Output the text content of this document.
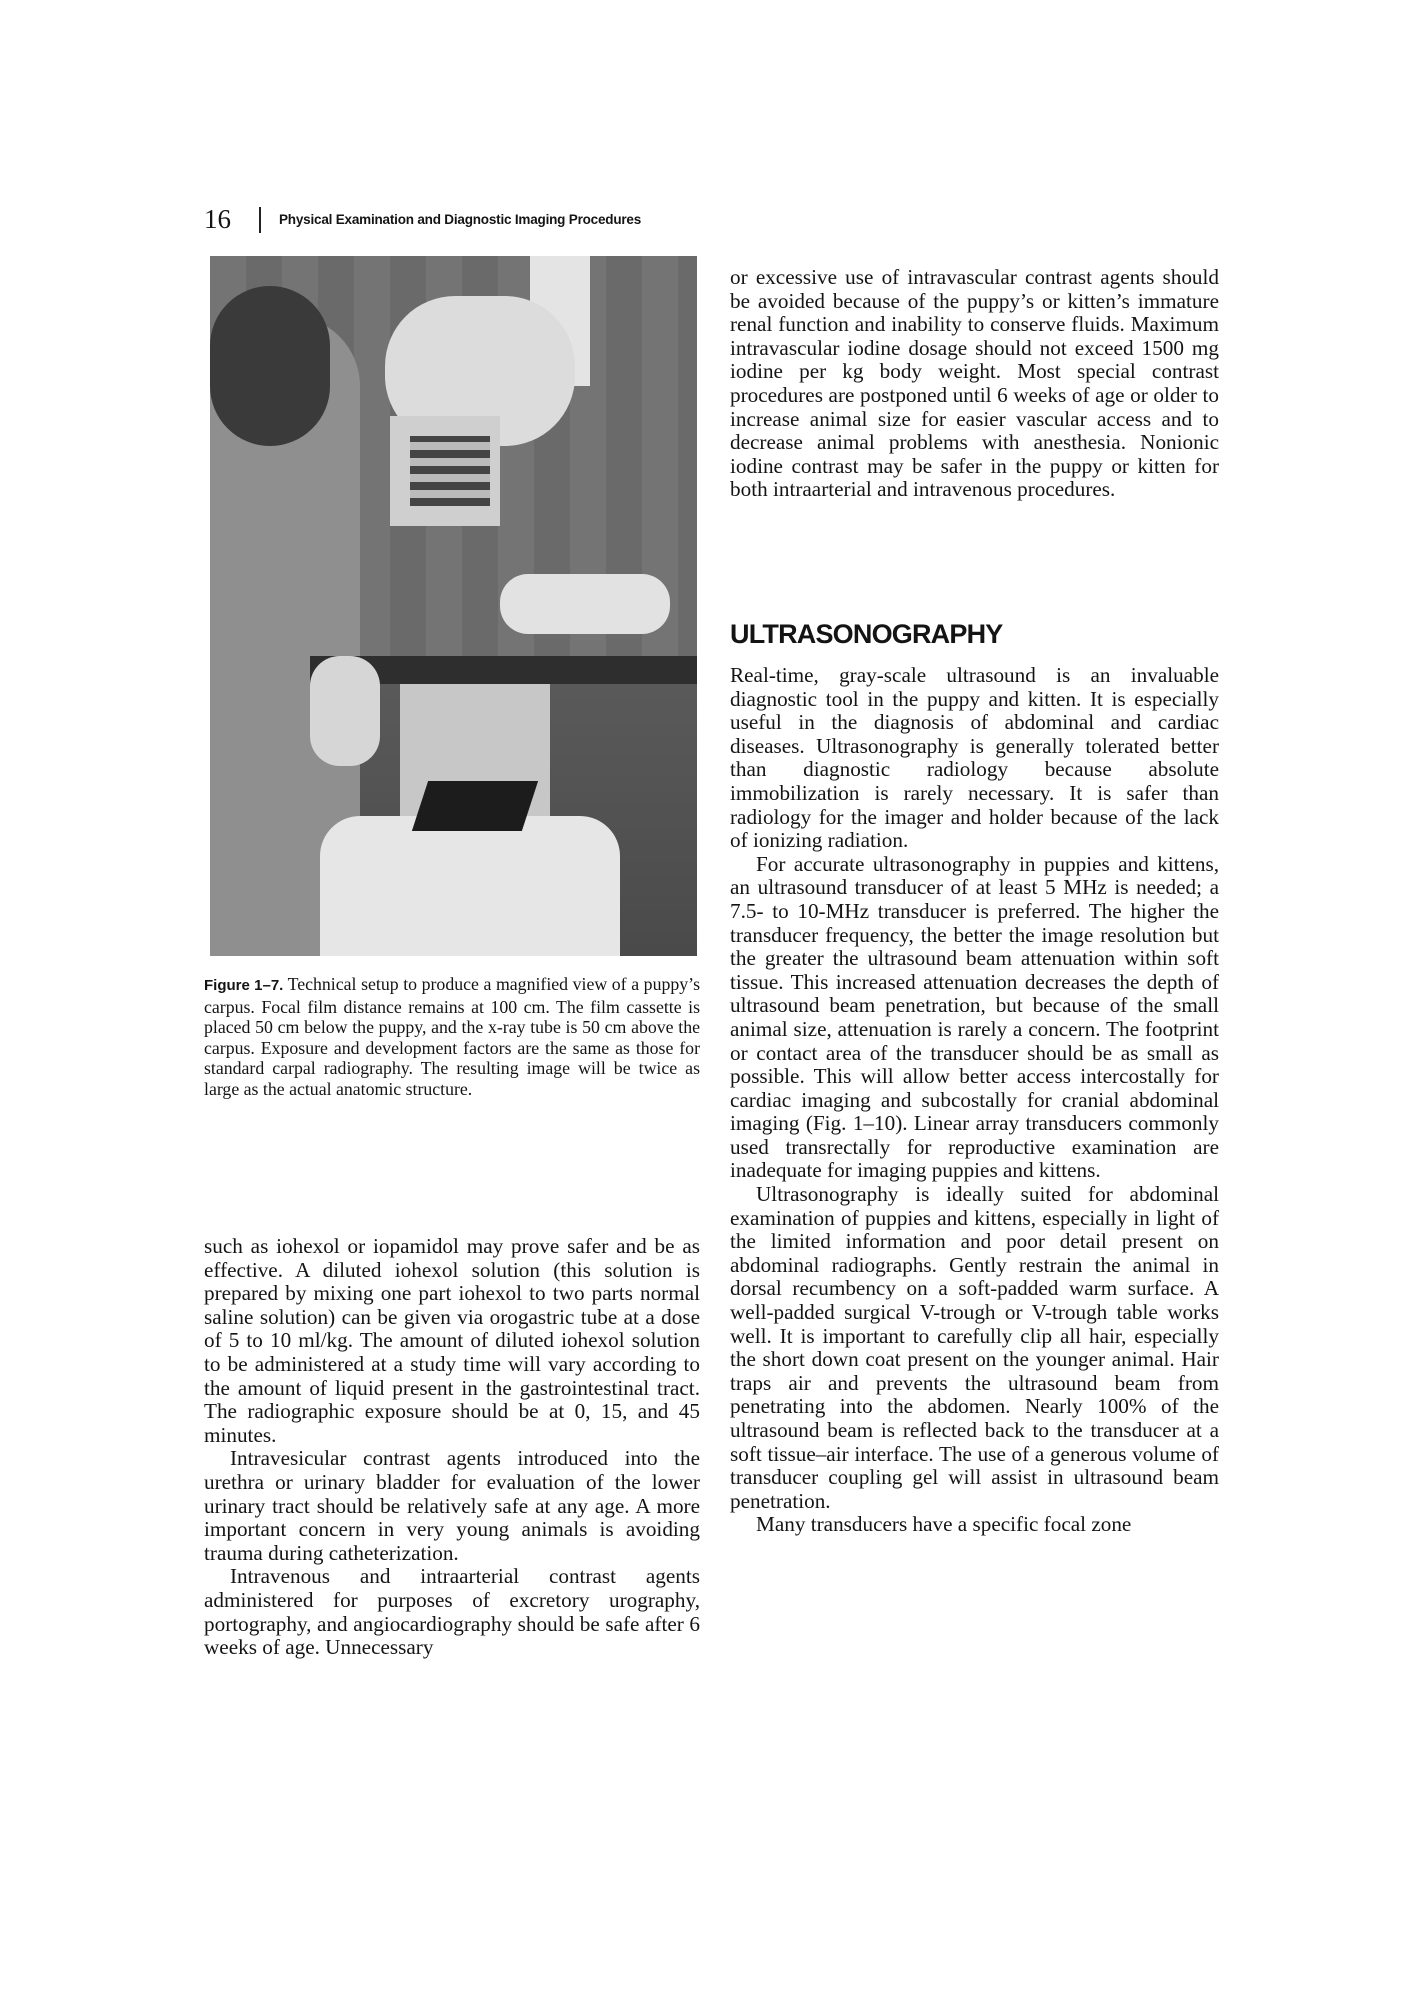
16	Physical Examination and Diagnostic Imaging Procedures
Figure 1–7. Technical setup to produce a magnified view of a puppy’s carpus. Focal film distance remains at 100 cm. The film cassette is placed 50 cm below the puppy, and the x-ray tube is 50 cm above the carpus. Exposure and development factors are the same as those for standard carpal radiography. The resulting image will be twice as large as the actual anatomic structure.

such as iohexol or iopamidol may prove safer and be as effective. A diluted iohexol solution (this solution is prepared by mixing one part iohexol to two parts normal saline solution) can be given via orogastric tube at a dose of 5 to 10 ml/kg. The amount of diluted iohexol solution to be administered at a study time will vary according to the amount of liquid present in the gastrointestinal tract. The radiographic exposure should be at 0, 15, and 45 minutes.

Intravesicular contrast agents introduced into the urethra or urinary bladder for evaluation of the lower urinary tract should be relatively safe at any age. A more important concern in very young animals is avoiding trauma during catheterization.

Intravenous and intraarterial contrast agents administered for purposes of excretory urography, portography, and angiocardiography should be safe after 6 weeks of age. Unnecessary

or excessive use of intravascular contrast agents should be avoided because of the puppy’s or kitten’s immature renal function and inability to conserve fluids. Maximum intravascular iodine dosage should not exceed 1500 mg iodine per kg body weight. Most special contrast procedures are postponed until 6 weeks of age or older to increase animal size for easier vascular access and to decrease animal problems with anesthesia. Nonionic iodine contrast may be safer in the puppy or kitten for both intraarterial and intravenous procedures.

ULTRASONOGRAPHY

Real-time, gray-scale ultrasound is an invaluable diagnostic tool in the puppy and kitten. It is especially useful in the diagnosis of abdominal and cardiac diseases. Ultrasonography is generally tolerated better than diagnostic radiology because absolute immobilization is rarely necessary. It is safer than radiology for the imager and holder because of the lack of ionizing radiation.

For accurate ultrasonography in puppies and kittens, an ultrasound transducer of at least 5 MHz is needed; a 7.5- to 10-MHz transducer is preferred. The higher the transducer frequency, the better the image resolution but the greater the ultrasound beam attenuation within soft tissue. This increased attenuation decreases the depth of ultrasound beam penetration, but because of the small animal size, attenuation is rarely a concern. The footprint or contact area of the transducer should be as small as possible. This will allow better access intercostally for cardiac imaging and subcostally for cranial abdominal imaging (Fig. 1–10). Linear array transducers commonly used transrectally for reproductive examination are inadequate for imaging puppies and kittens.

Ultrasonography is ideally suited for abdominal examination of puppies and kittens, especially in light of the limited information and poor detail present on abdominal radiographs. Gently restrain the animal in dorsal recumbency on a soft-padded warm surface. A well-padded surgical V-trough or V-trough table works well. It is important to carefully clip all hair, especially the short down coat present on the younger animal. Hair traps air and prevents the ultrasound beam from penetrating into the abdomen. Nearly 100% of the ultrasound beam is reflected back to the transducer at a soft tissue–air interface. The use of a generous volume of transducer coupling gel will assist in ultrasound beam penetration.

Many transducers have a specific focal zone
